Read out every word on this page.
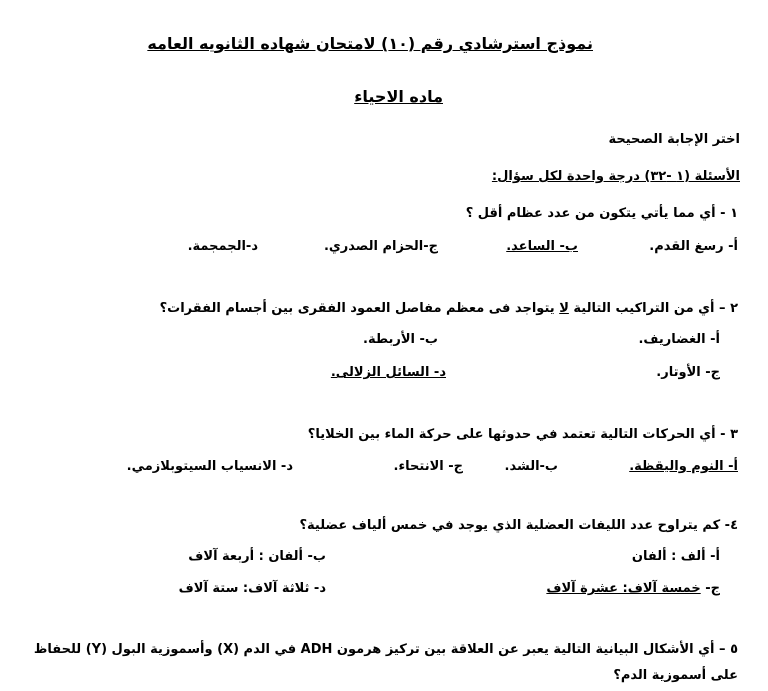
نموذج استرشادي رقم (١٠) لامتحان شهاده الثانويه العامه
ماده الاحياء
اختر الإجابة الصحيحة
الأسئلة (١ -٣٢) درجة واحدة لكل سؤال:
١ - أي مما يأتي يتكون من عدد عظام أقل ؟
أ- رسغ القدم.
ب- الساعد.
ج-الحزام الصدري.
د-الجمجمة.
٢ – أي من التراكيب التالية لا يتواجد فى معظم مفاصل العمود الفقرى بين أجسام الفقرات؟
أ- الغضاريف.
ب- الأربطة.
ج- الأوتار.
د- السائل الزلالى.
٣ - أي الحركات التالية تعتمد في حدوثها على حركة الماء بين الخلايا؟
أ- النوم واليقظة.
ب-الشد.
ج- الانتحاء.
د- الانسياب السيتوبلازمي.
٤- كم يتراوح عدد الليفات العضلية الذي يوجد في خمس ألياف عضلية؟
أ- ألف : ألفان
ب- ألفان : أربعة آلاف
ج- خمسة آلاف: عشرة آلاف
د- ثلاثة آلاف: ستة آلاف
٥ – أي الأشكال البيانية التالية يعبر عن العلاقة بين تركيز هرمون ADH في الدم (X) وأسموزية البول (Y) للحفاظ
على أسموزية الدم؟
